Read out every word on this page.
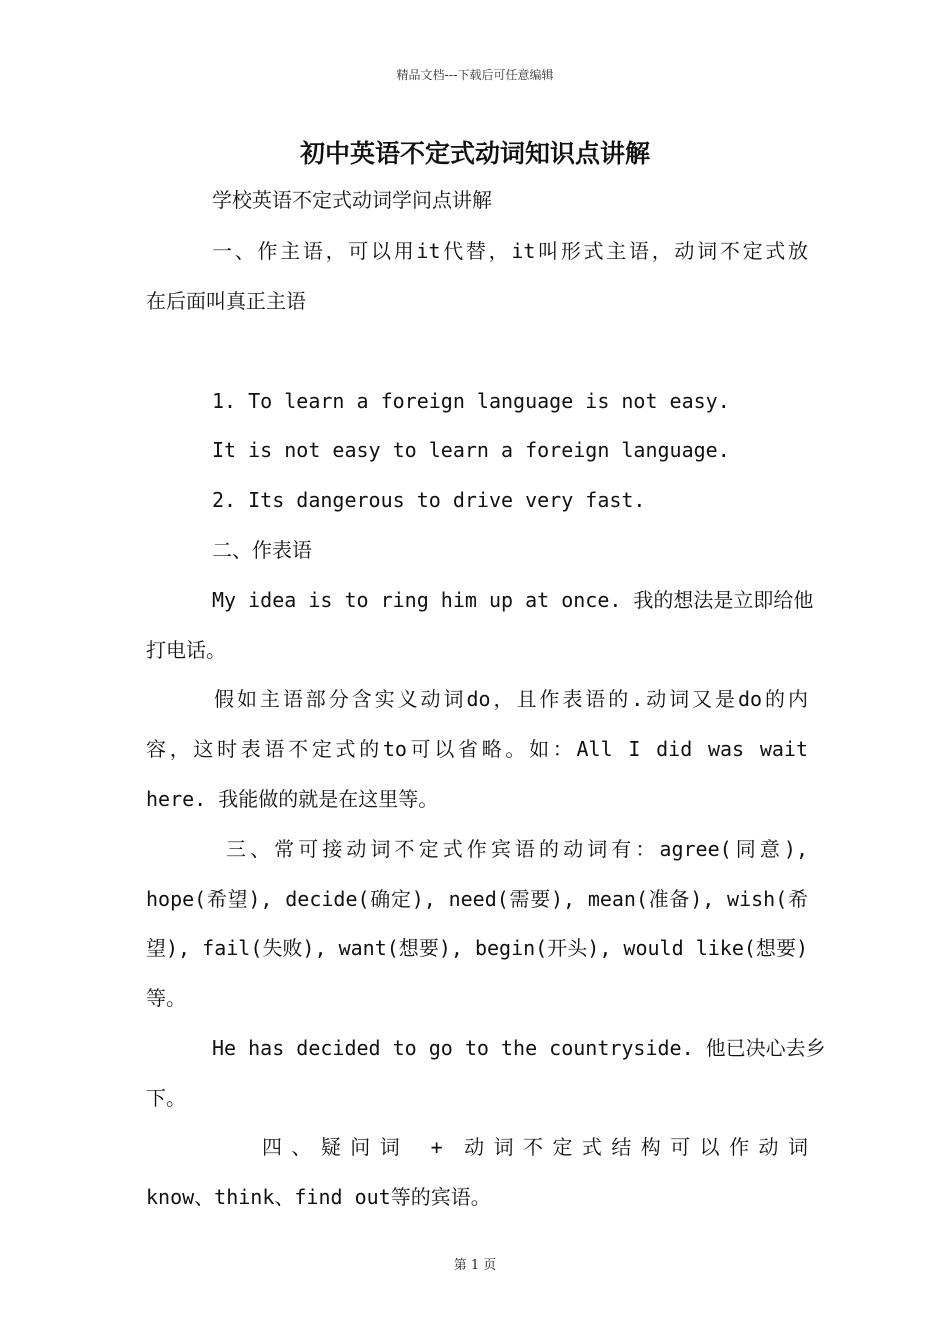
精品文档---下载后可任意编辑
初中英语不定式动词知识点讲解
学校英语不定式动词学问点讲解
一、作主语，可以用it代替，it叫形式主语，动词不定式放
在后面叫真正主语
1. To learn a foreign language is not easy.
It is not easy to learn a foreign language.
2. Its dangerous to drive very fast.
二、作表语
My idea is to ring him up at once. 我的想法是立即给他
打电话。
假如主语部分含实义动词do，且作表语的.动词又是do的内
容，这时表语不定式的to可以省略。如：All I did was wait
here. 我能做的就是在这里等。
三、常可接动词不定式作宾语的动词有：agree(同意),
hope(希望), decide(确定), need(需要), mean(准备), wish(希
望), fail(失败), want(想要), begin(开头), would like(想要)
等。
He has decided to go to the countryside. 他已决心去乡
下。
四、疑问词 + 动词不定式结构可以作动词
know、think、find out等的宾语。
第 1 页
